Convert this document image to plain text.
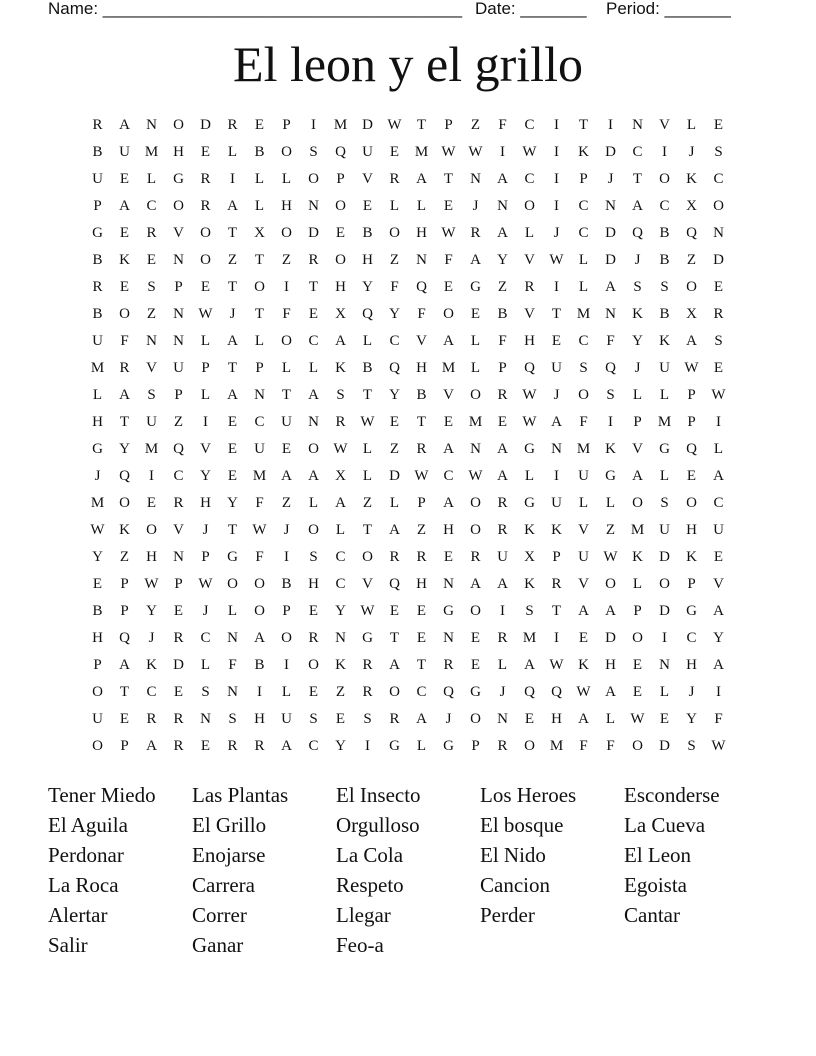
Name: ______________________________________ Date: _______ Period: _______
El leon y el grillo
R	A	N	O	D	R	E	P	I	M D W	T	P	Z	F	C	I	T	I	N	V	L	E
B	U M H	E	L	B	O	S	Q	U	E	M W W	I	W	I	K	D	C	I	J	S
U	E	L	G	R	I	L	L	O	P	V	R	A	T	N	A	C	I	P	J	T	O	K	C
P	A	C	O	R	A	L	H	N	O	E	L	L	E	J	N	O	I	C	N	A	C	X	O
G	E	R	V	O	T	X	O	D	E	B	O	H W R	A	L	J	C	D	Q	B	Q	N
B	K	E	N	O	Z	T	Z	R	O	H	Z	N	F	A	Y	V W	L	D	J	B	Z	D
R	E	S	P	E	T	O	I	T	H	Y	F	Q	E	G	Z	R	I	L	A	S	S	O	E
B	O	Z	N W	J	T	F	E	X	Q	Y	F	O	E	B	V	T	M N	K	B	X	R
U	F	N	N	L	A	L	O	C	A	L	C	V	A	L	F	H	E	C	F	Y	K	A	S
M	R	V	U	P	T	P	L	L	K	B	Q	H M	L	P	Q	U	S	Q	J	U W	E
L	A	S	P	L	A	N	T	A	S	T	Y	B	V	O	R W	J	O	S	L	L	P	W
H	T	U	Z	I	E	C	U	N	R W	E	T	E	M	E	W A	F	I	P	M	P	I
G	Y M Q	V	E	U	E	O W	L	Z	R	A	N	A	G	N M K	V	G	Q	L
J	Q	I	C	Y	E	M A	A	X	L	D W C W A	L	I	U	G	A	L	E	A
M O	E	R	H	Y	F	Z	L	A	Z	L	P	A	O	R	G	U	L	L	O	S	O	C
W K	O	V	J	T	W	J	O	L	T	A	Z	H	O	R	K	K	V	Z	M U	H	U
Y	Z	H	N	P	G	F	I	S	C	O	R	R	E	R	U	X	P	U W K	D	K	E
E	P	W	P	W O	O	B	H	C	V	Q	H	N	A	A	K	R	V	O	L	O	P	V
B	P	Y	E	J	L	O	P	E	Y W	E	E	G	O	I	S	T	A	A	P	D	G	A
H	Q	J	R	C	N	A	O	R	N	G	T	E	N	E	R	M	I	E	D	O	I	C	Y
P	A	K	D	L	F	B	I	O	K	R	A	T	R	E	L	A W K	H	E	N	H	A
O	T	C	E	S	N	I	L	E	Z	R	O	C	Q	G	J	Q	Q W A	E	L	J	I
U	E	R	R	N	S	H	U	S	E	S	R	A	J	O	N	E	H	A	L	W	E	Y	F
O	P	A	R	E	R	R	A	C	Y	I	G	L	G	P	R	O M	F	F	O	D	S	W
Tener Miedo	Las Plantas	El Insecto	Los Heroes	Esconderse
El Aguila	El Grillo	Orgulloso	El bosque	La Cueva
Perdonar	Enojarse	La Cola	El Nido	El Leon
La Roca	Carrera	Respeto	Cancion	Egoista
Alertar	Correr	Llegar	Perder	Cantar
Salir	Ganar	Feo-a
